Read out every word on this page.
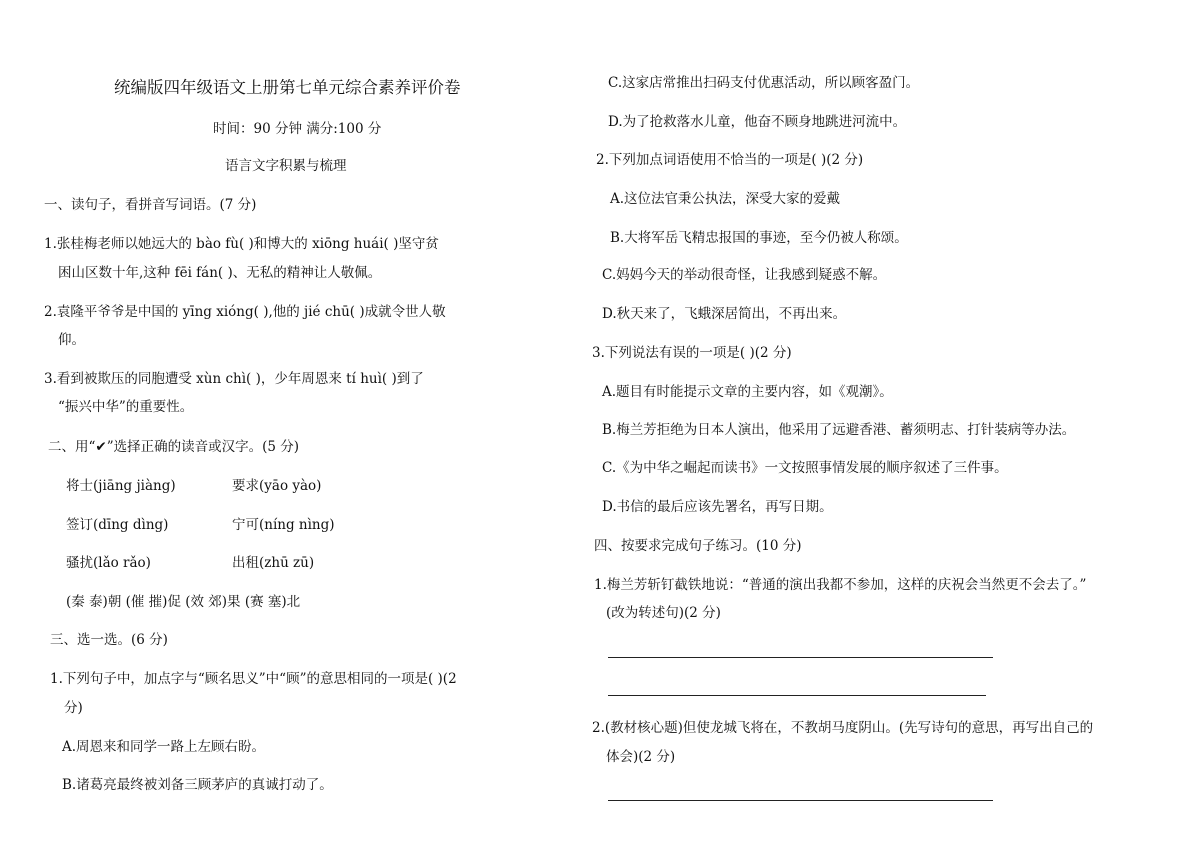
统编版四年级语文上册第七单元综合素养评价卷
时间：90 分钟 满分:100 分
语言文字积累与梳理
一、读句子，看拼音写词语。(7 分)
1.张桂梅老师以她远大的 bào fù( )和博大的 xiōng huái( )坚守贫
困山区数十年,这种 fēi fán( )、无私的精神让人敬佩。
2.袁隆平爷爷是中国的 yīng xióng( ),他的 jié chū( )成就令世人敬
仰。
3.看到被欺压的同胞遭受 xùn chì( )，少年周恩来 tí huì( )到了
“振兴中华”的重要性。
二、用“✔”选择正确的读音或汉字。(5 分)
将士(jiāng jiàng)	要求(yāo yào)
签订(dīng dìng)	宁可(níng nìng)
骚扰(lǎo rǎo)	出租(zhū zū)
(秦 泰)朝 (催 摧)促 (效 郊)果 (赛 塞)北
三、选一选。(6 分)
1.下列句子中，加点字与“顾名思义”中“顾”的意思相同的一项是( )(2
分)
A.周恩来和同学一路上左顾右盼。
B.诸葛亮最终被刘备三顾茅庐的真诚打动了。
C.这家店常推出扫码支付优惠活动，所以顾客盈门。
D.为了抢救落水儿童，他奋不顾身地跳进河流中。
2.下列加点词语使用不恰当的一项是( )(2 分)
A.这位法官秉公执法，深受大家的爱戴
B.大将军岳飞精忠报国的事迹，至今仍被人称颂。
C.妈妈今天的举动很奇怪，让我感到疑惑不解。
D.秋天来了，飞蛾深居简出，不再出来。
3.下列说法有误的一项是( )(2 分)
A.题目有时能提示文章的主要内容，如《观潮》。
B.梅兰芳拒绝为日本人演出，他采用了远避香港、蓄须明志、打针装病等办法。
C.《为中华之崛起而读书》一文按照事情发展的顺序叙述了三件事。
D.书信的最后应该先署名，再写日期。
四、按要求完成句子练习。(10 分)
1.梅兰芳斩钉截铁地说：“普通的演出我都不参加，这样的庆祝会当然更不会去了。”
(改为转述句)(2 分)
2.(教材核心题)但使龙城飞将在，不教胡马度阴山。(先写诗句的意思，再写出自己的
体会)(2 分)
